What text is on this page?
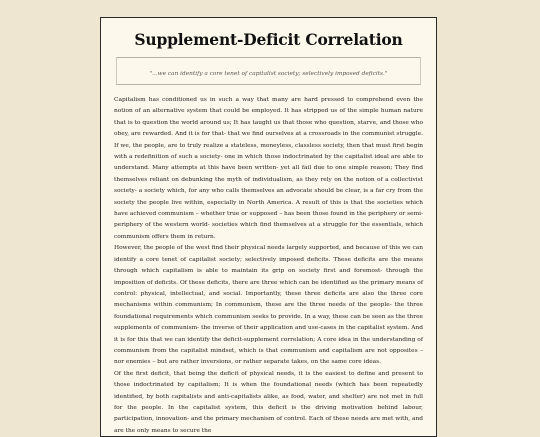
Supplement-Deficit Correlation
"...we can identify a core tenet of capitalist society; selectively imposed deficits."

Capitalism has conditioned us in such a way that many are hard pressed to comprehend even the notion of an alternative system that could be employed. It has stripped us of the simple human nature that is to question the world around us; It has taught us that those who question, starve, and those who obey, are rewarded. And it is for that- that we find ourselves at a crossroads in the communist struggle. If we, the people, are to truly realize a stateless, moneyless, classless society, then that must first begin with a redefinition of such a society- one in which those indoctrinated by the capitalist ideal are able to understand. Many attempts at this have been written- yet all fail due to one simple reason; They find themselves reliant on debunking the myth of individualism, as they rely on the notion of a collectivist society- a society which, for any who calls themselves an advocate should be clear, is a far cry from the society the people live within, especially in North America. A result of this is that the societies which have achieved communism – whether true or supposed – has been those found in the periphery or semi-periphery of the western world- societies which find themselves at a struggle for the essentials, which communism offers them in return.

However, the people of the west find their physical needs largely supported, and because of this we can identify a core tenet of capitalist society; selectively imposed deficits. These deficits are the means through which capitalism is able to maintain its grip on society first and foremost- through the imposition of deficits. Of these deficits, there are three which can be identified as the primary means of control: physical, intellectual, and social. Importantly, these three deficits are also the three core mechanisms within communism; In communism, these are the three needs of the people- the three foundational requirements which communism seeks to provide. In a way, these can be seen as the three supplements of communism- the inverse of their application and use-cases in the capitalist system. And it is for this that we can identify the deficit-supplement correlation; A core idea in the understanding of communism from the capitalist mindset, which is that communism and capitalism are not opposites – nor enemies – but are rather inversions, or rather separate takes, on the same core ideas.

Of the first deficit, that being the deficit of physical needs, it is the easiest to define and present to those indoctrinated by capitalism; It is when the foundational needs (which has been repeatedly identified, by both capitalists and anti-capitalists alike, as food, water, and shelter) are not met in full for the people. In the capitalist system, this deficit is the driving motivation behind labour, participation, innovation- and the primary mechanism of control. Each of these needs are met with, and are the only means to secure the
